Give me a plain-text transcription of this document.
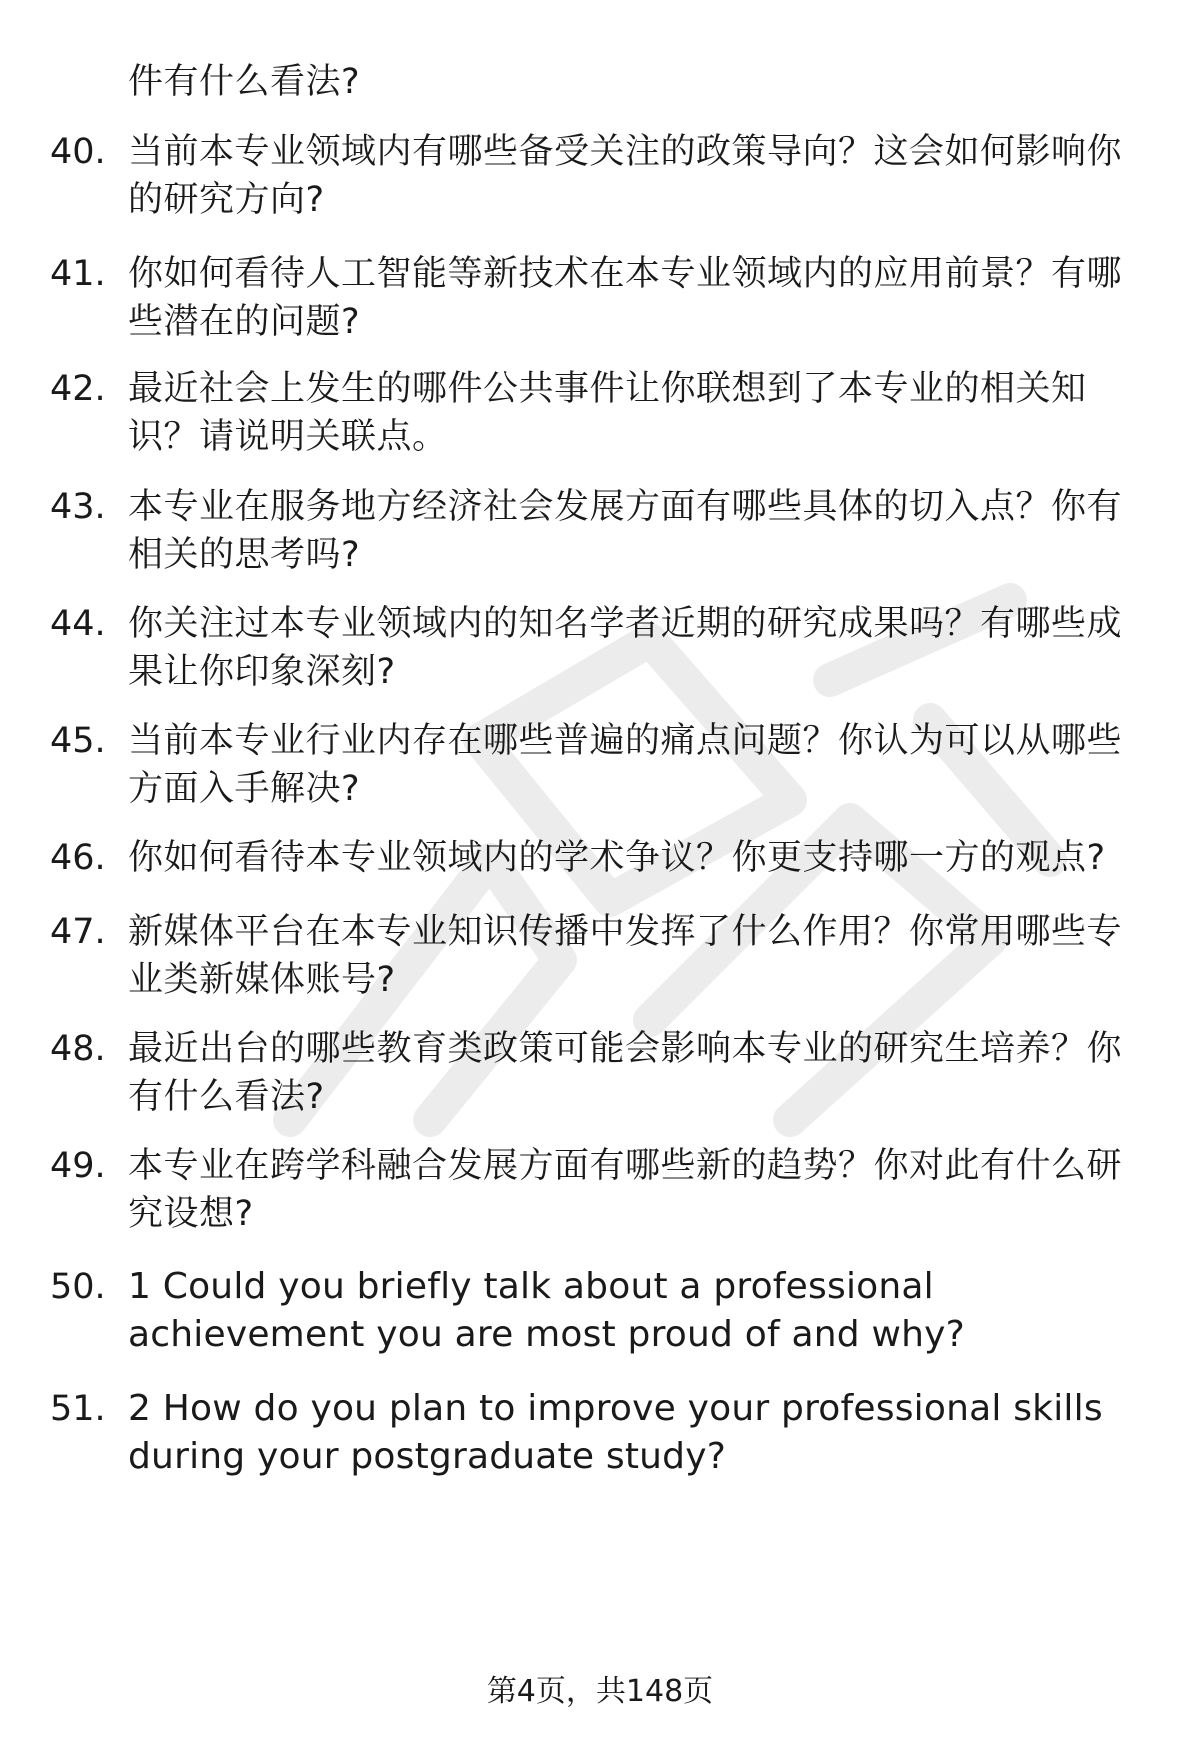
件有什么看法?
40. 当前本专业领域内有哪些备受关注的政策导向？这会如何影响你的研究方向?
41. 你如何看待人工智能等新技术在本专业领域内的应用前景？有哪些潜在的问题?
42. 最近社会上发生的哪件公共事件让你联想到了本专业的相关知识？请说明关联点。
43. 本专业在服务地方经济社会发展方面有哪些具体的切入点？你有相关的思考吗?
44. 你关注过本专业领域内的知名学者近期的研究成果吗？有哪些成果让你印象深刻?
45. 当前本专业行业内存在哪些普遍的痛点问题？你认为可以从哪些方面入手解决?
46. 你如何看待本专业领域内的学术争议？你更支持哪一方的观点?
47. 新媒体平台在本专业知识传播中发挥了什么作用？你常用哪些专业类新媒体账号?
48. 最近出台的哪些教育类政策可能会影响本专业的研究生培养？你有什么看法?
49. 本专业在跨学科融合发展方面有哪些新的趋势？你对此有什么研究设想?
50. 1 Could you briefly talk about a professional achievement you are most proud of and why?
51. 2 How do you plan to improve your professional skills during your postgraduate study?
第4页，共148页
